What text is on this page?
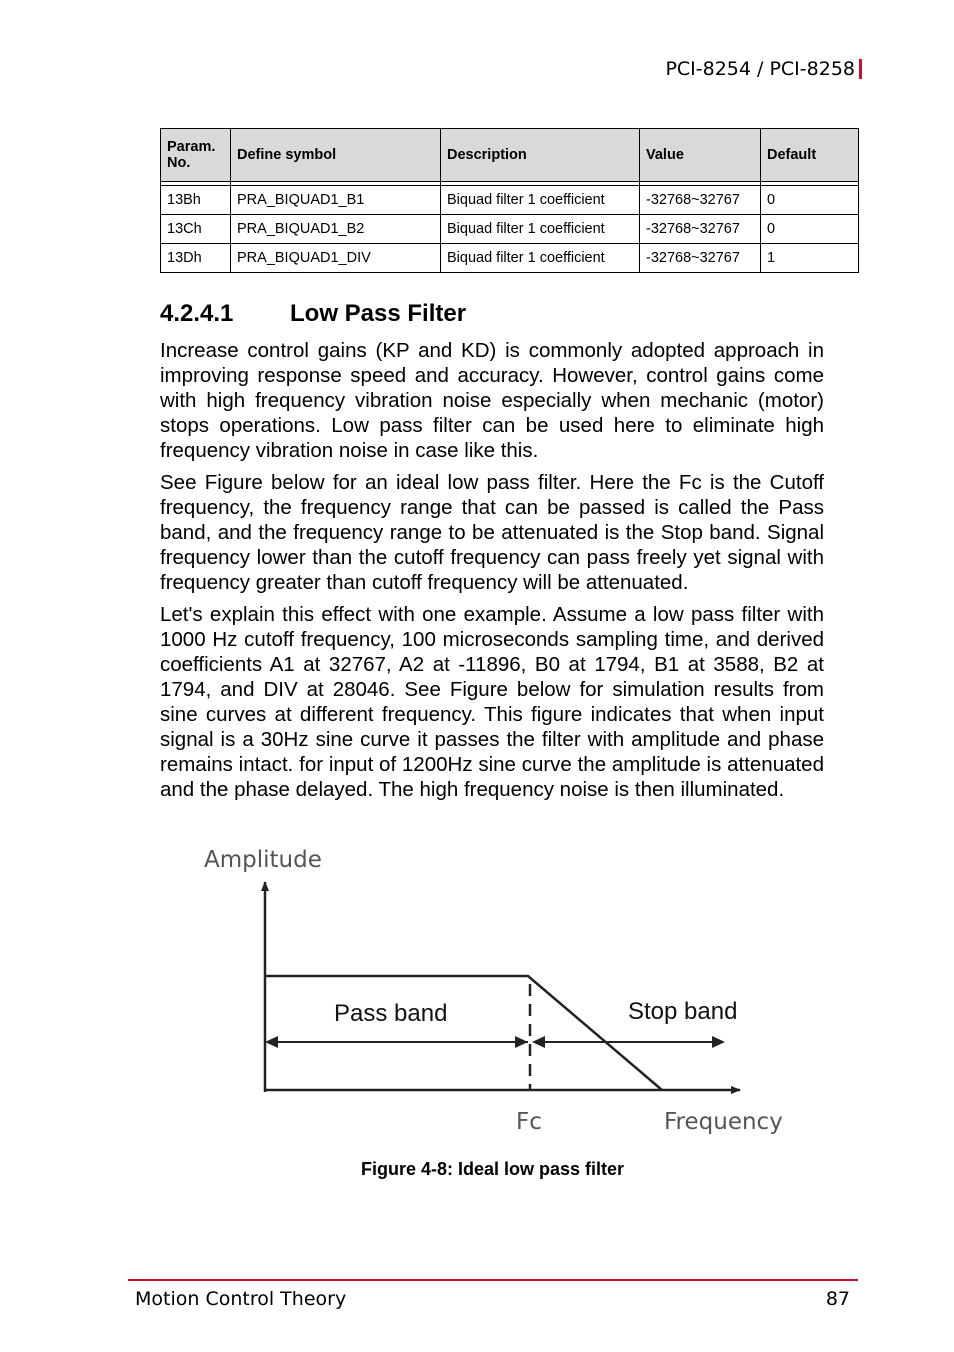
PCI-8254 / PCI-8258
Param. No.	Define symbol	Description	Value	Default

13Bh	PRA_BIQUAD1_B1	Biquad filter 1 coefficient	-32768~32767	0
13Ch	PRA_BIQUAD1_B2	Biquad filter 1 coefficient	-32768~32767	0
13Dh	PRA_BIQUAD1_DIV	Biquad filter 1 coefficient	-32768~32767	1
4.2.4.1 Low Pass Filter

Increase control gains (KP and KD) is commonly adopted approach in improving response speed and accuracy. However, control gains come with high frequency vibration noise especially when mechanic (motor) stops operations. Low pass filter can be used here to eliminate high frequency vibration noise in case like this.

See Figure below for an ideal low pass filter. Here the Fc is the Cutoff frequency, the frequency range that can be passed is called the Pass band, and the frequency range to be attenuated is the Stop band. Signal frequency lower than the cutoff frequency can pass freely yet signal with frequency greater than cutoff frequency will be attenuated.

Let's explain this effect with one example. Assume a low pass filter with 1000 Hz cutoff frequency, 100 microseconds sampling time, and derived coefficients A1 at 32767, A2 at -11896, B0 at 1794, B1 at 3588, B2 at 1794, and DIV at 28046. See Figure below for simulation results from sine curves at different frequency. This figure indicates that when input signal is a 30Hz sine curve it passes the filter with amplitude and phase remains intact. for input of 1200Hz sine curve the amplitude is attenuated and the phase delayed. The high frequency noise is then illuminated.

Amplitude
Pass band	Stop band
Fc	Frequency
Figure 4-8: Ideal low pass filter
Motion Control Theory	87
